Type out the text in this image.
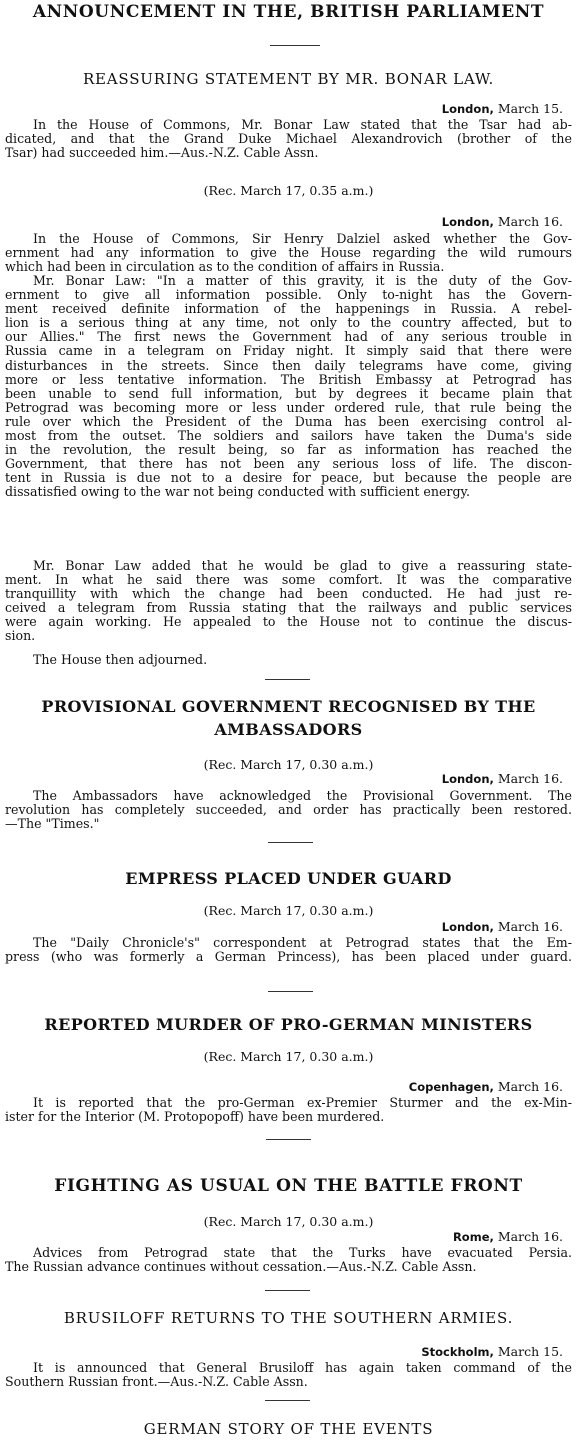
ANNOUNCEMENT IN THE, BRITISH PARLIAMENT
REASSURING STATEMENT BY MR. BONAR LAW.
London, March 15.
In the House of Commons, Mr. Bonar Law stated that the Tsar had ab-
dicated, and that the Grand Duke Michael Alexandrovich (brother of the
Tsar) had succeeded him.—Aus.-N.Z. Cable Assn.
(Rec. March 17, 0.35 a.m.)
London, March 16.
In the House of Commons, Sir Henry Dalziel asked whether the Gov-
ernment had any information to give the House regarding the wild rumours
which had been in circulation as to the condition of affairs in Russia.
Mr. Bonar Law: "In a matter of this gravity, it is the duty of the Gov-
ernment to give all information possible. Only to-night has the Govern-
ment received definite information of the happenings in Russia. A rebel-
lion is a serious thing at any time, not only to the country affected, but to
our Allies." The first news the Government had of any serious trouble in
Russia came in a telegram on Friday night. It simply said that there were
disturbances in the streets. Since then daily telegrams have come, giving
more or less tentative information. The British Embassy at Petrograd has
been unable to send full information, but by degrees it became plain that
Petrograd was becoming more or less under ordered rule, that rule being the
rule over which the President of the Duma has been exercising control al-
most from the outset. The soldiers and sailors have taken the Duma's side
in the revolution, the result being, so far as information has reached the
Government, that there has not been any serious loss of life. The discon-
tent in Russia is due not to a desire for peace, but because the people are
dissatisfied owing to the war not being conducted with sufficient energy.
Mr. Bonar Law added that he would be glad to give a reassuring state-
ment. In what he said there was some comfort. It was the comparative
tranquillity with which the change had been conducted. He had just re-
ceived a telegram from Russia stating that the railways and public services
were again working. He appealed to the House not to continue the discus-
sion.
The House then adjourned.
PROVISIONAL GOVERNMENT RECOGNISED BY THE
AMBASSADORS
(Rec. March 17, 0.30 a.m.)
London, March 16.
The Ambassadors have acknowledged the Provisional Government. The
revolution has completely succeeded, and order has practically been restored.
—The "Times."
EMPRESS PLACED UNDER GUARD
(Rec. March 17, 0.30 a.m.)
London, March 16.
The "Daily Chronicle's" correspondent at Petrograd states that the Em-
press (who was formerly a German Princess), has been placed under guard.
REPORTED MURDER OF PRO-GERMAN MINISTERS
(Rec. March 17, 0.30 a.m.)
Copenhagen, March 16.
It is reported that the pro-German ex-Premier Sturmer and the ex-Min-
ister for the Interior (M. Protopopoff) have been murdered.
FIGHTING AS USUAL ON THE BATTLE FRONT
(Rec. March 17, 0.30 a.m.)
Rome, March 16.
Advices from Petrograd state that the Turks have evacuated Persia.
The Russian advance continues without cessation.—Aus.-N.Z. Cable Assn.
BRUSILOFF RETURNS TO THE SOUTHERN ARMIES.
Stockholm, March 15.
It is announced that General Brusiloff has again taken command of the
Southern Russian front.—Aus.-N.Z. Cable Assn.
GERMAN STORY OF THE EVENTS
